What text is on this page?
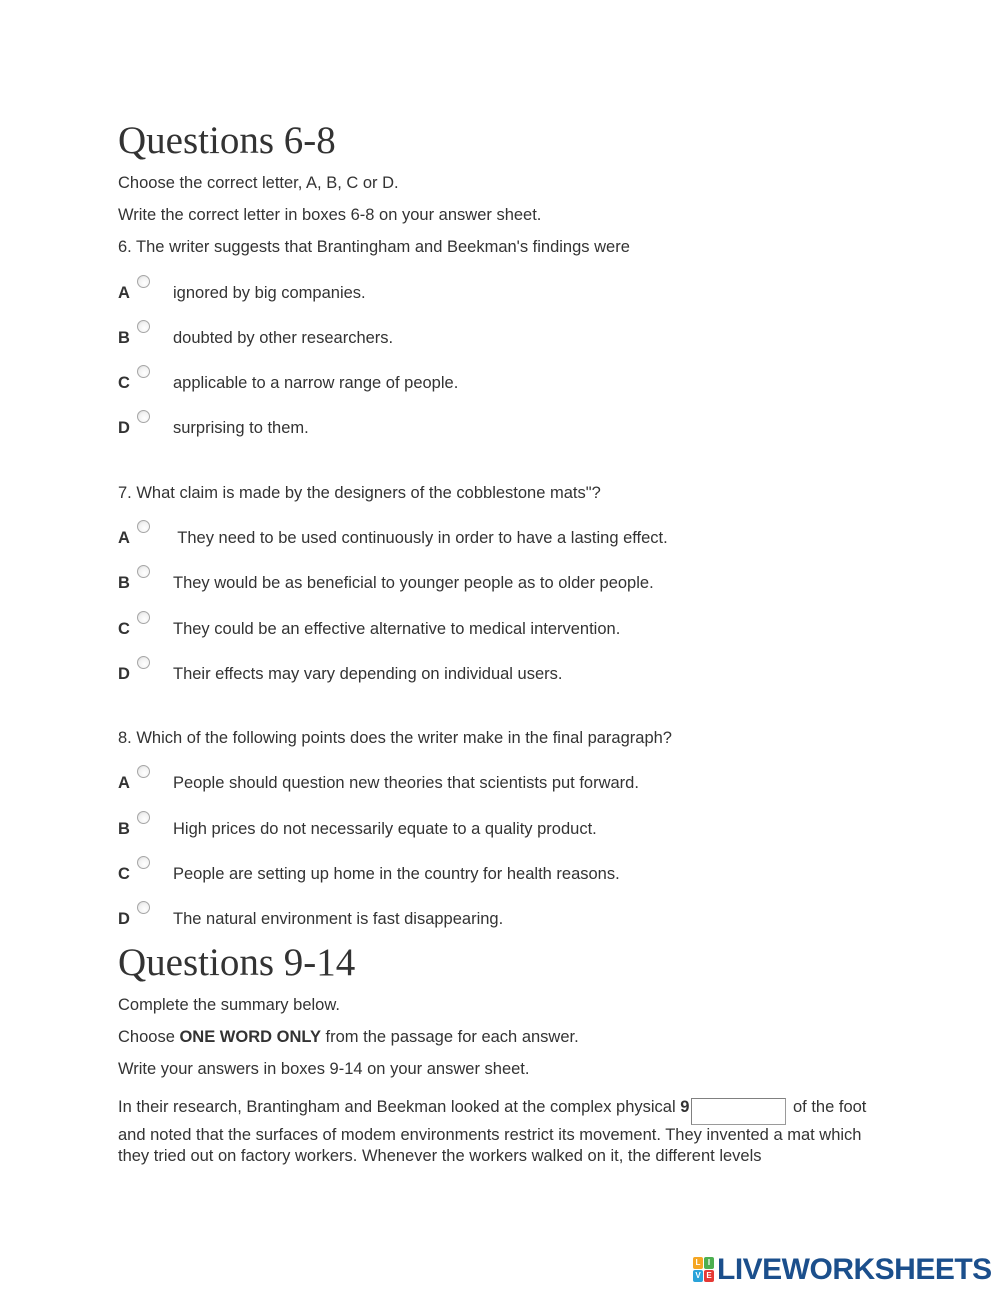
Questions 6-8
Choose the correct letter, A, B, C or D.
Write the correct letter in boxes 6-8 on your answer sheet.
6. The writer suggests that Brantingham and Beekman's findings were
A	ignored by big companies.
B	doubted by other researchers.
C	applicable to a narrow range of people.
D	surprising to them.
7. What claim is made by the designers of the cobblestone mats"?
A	They need to be used continuously in order to have a lasting effect.
B	They would be as beneficial to younger people as to older people.
C	They could be an effective alternative to medical intervention.
D	Their effects may vary depending on individual users.
8. Which of the following points does the writer make in the final paragraph?
A	People should question new theories that scientists put forward.
B	High prices do not necessarily equate to a quality product.
C	People are setting up home in the country for health reasons.
D	The natural environment is fast disappearing.
Questions 9-14
Complete the summary below.
Choose ONE WORD ONLY from the passage for each answer.
Write your answers in boxes 9-14 on your answer sheet.
In their research, Brantingham and Beekman looked at the complex physical 9	of the foot and noted that the surfaces of modem environments restrict its movement. They invented a mat which they tried out on factory workers. Whenever the workers walked on it, the different levels
L I
V E LIVEWORKSHEETS
